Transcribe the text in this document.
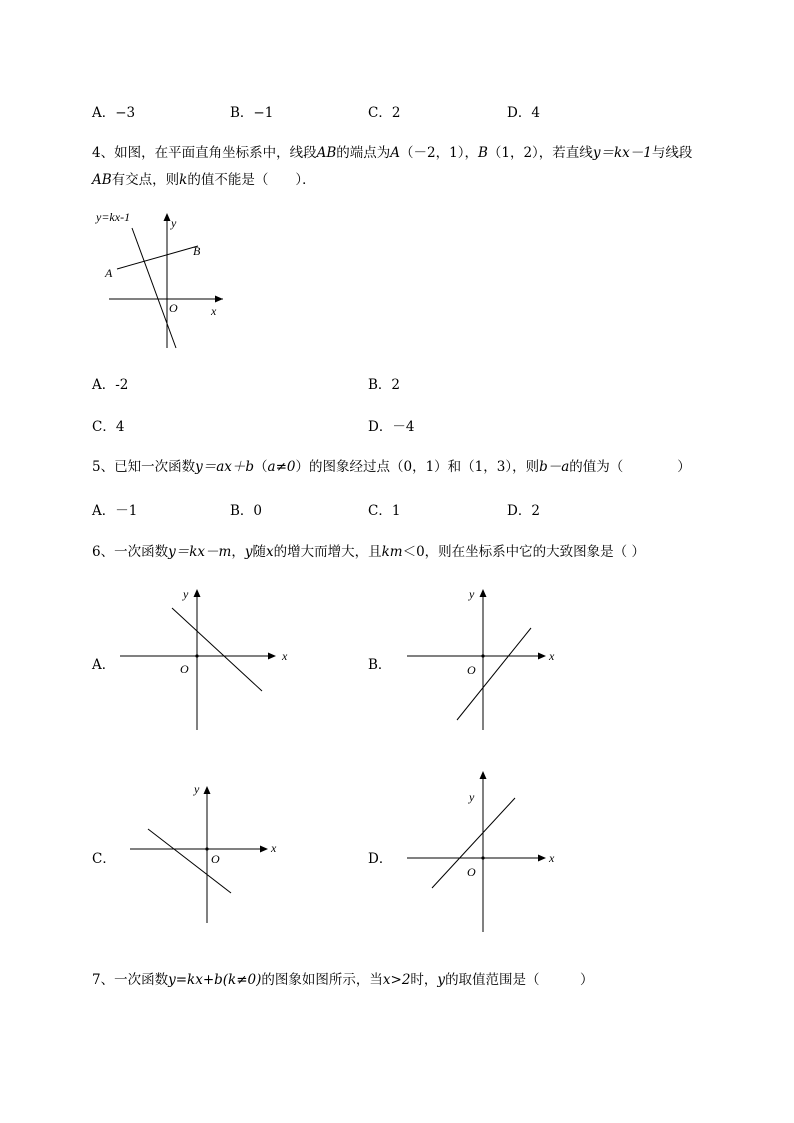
A．−3	B．−1	C．2	D．4
4、如图，在平面直角坐标系中，线段AB的端点为A（－2，1），B（1，2），若直线y＝kx－1与线段
AB有交点，则k的值不能是（　　）．
y=kx-1	y
B
A
O	x
A．-2	B．2
C．4	D．－4
5、已知一次函数y＝ax＋b（a≠0）的图象经过点（0，1）和（1，3），则b－a的值为（　　　　）
A．－1	B．0	C．1	D．2
6、一次函数y＝kx－m，y随x的增大而增大，且km＜0，则在坐标系中它的大致图象是（ ）
A．
y
x
O	B．
y
x
O
C．
y
x
O	D．
y
x
O
7、一次函数y=kx+b(k≠0)的图象如图所示，当x>2时，y的取值范围是（　　　）
